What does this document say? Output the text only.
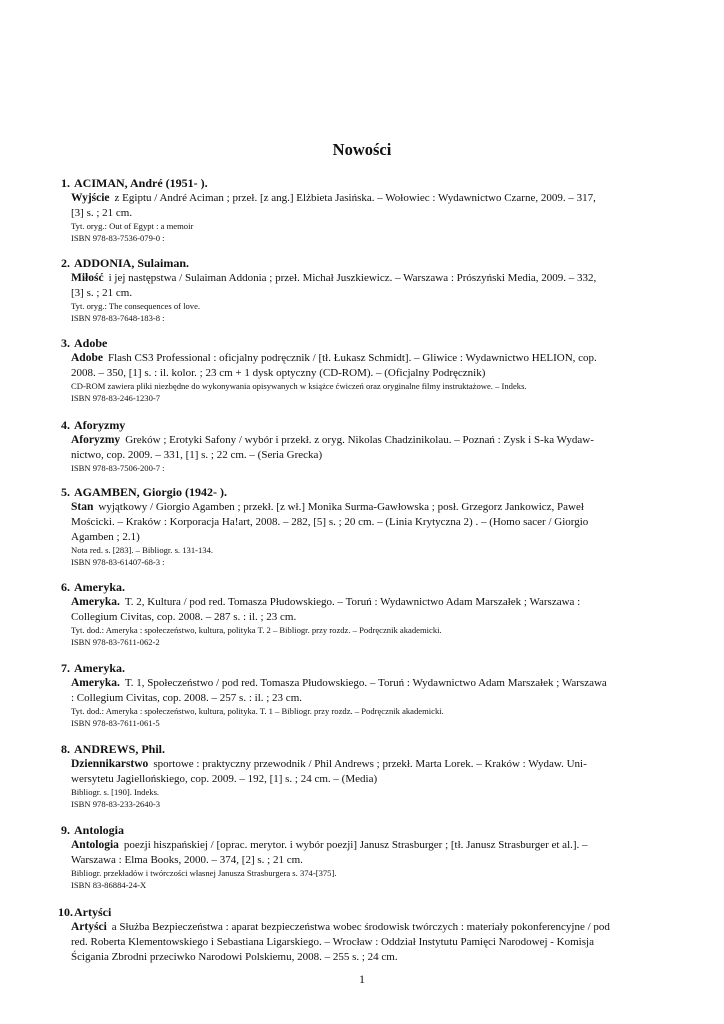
Nowości
1. ACIMAN, André (1951- ).
Wyjście z Egiptu / André Aciman ; przeł. [z ang.] Elżbieta Jasińska. – Wołowiec : Wydawnictwo Czarne, 2009. – 317,
[3] s. ; 21 cm.
Tyt. oryg.: Out of Egypt : a memoir
ISBN 978-83-7536-079-0 :
2. ADDONIA, Sulaiman.
Miłość i jej następstwa / Sulaiman Addonia ; przeł. Michał Juszkiewicz. – Warszawa : Prószyński Media, 2009. – 332,
[3] s. ; 21 cm.
Tyt. oryg.: The consequences of love.
ISBN 978-83-7648-183-8 :
3. Adobe
Adobe Flash CS3 Professional : oficjalny podręcznik / [tł. Łukasz Schmidt]. – Gliwice : Wydawnictwo HELION, cop.
2008. – 350, [1] s. : il. kolor. ; 23 cm + 1 dysk optyczny (CD-ROM). – (Oficjalny Podręcznik)
CD-ROM zawiera pliki niezbędne do wykonywania opisywanych w książce ćwiczeń oraz oryginalne filmy instruktażowe. – Indeks.
ISBN 978-83-246-1230-7
4. Aforyzmy
Aforyzmy Greków ; Erotyki Safony / wybór i przekł. z oryg. Nikolas Chadzinikolau. – Poznań : Zysk i S-ka Wydaw-
nictwo, cop. 2009. – 331, [1] s. ; 22 cm. – (Seria Grecka)
ISBN 978-83-7506-200-7 :
5. AGAMBEN, Giorgio (1942- ).
Stan wyjątkowy / Giorgio Agamben ; przekł. [z wł.] Monika Surma-Gawłowska ; posł. Grzegorz Jankowicz, Paweł
Mościcki. – Kraków : Korporacja Ha!art, 2008. – 282, [5] s. ; 20 cm. – (Linia Krytyczna 2) . – (Homo sacer / Giorgio
Agamben ; 2.1)
Nota red. s. [283]. – Bibliogr. s. 131-134.
ISBN 978-83-61407-68-3 :
6. Ameryka.
Ameryka. T. 2, Kultura / pod red. Tomasza Płudowskiego. – Toruń : Wydawnictwo Adam Marszałek ; Warszawa :
Collegium Civitas, cop. 2008. – 287 s. : il. ; 23 cm.
Tyt. dod.: Ameryka : społeczeństwo, kultura, polityka T. 2 – Bibliogr. przy rozdz. – Podręcznik akademicki.
ISBN 978-83-7611-062-2
7. Ameryka.
Ameryka. T. 1, Społeczeństwo / pod red. Tomasza Płudowskiego. – Toruń : Wydawnictwo Adam Marszałek ; Warszawa
: Collegium Civitas, cop. 2008. – 257 s. : il. ; 23 cm.
Tyt. dod.: Ameryka : społeczeństwo, kultura, polityka. T. 1 – Bibliogr. przy rozdz. – Podręcznik akademicki.
ISBN 978-83-7611-061-5
8. ANDREWS, Phil.
Dziennikarstwo sportowe : praktyczny przewodnik / Phil Andrews ; przekł. Marta Lorek. – Kraków : Wydaw. Uni-
wersytetu Jagiellońskiego, cop. 2009. – 192, [1] s. ; 24 cm. – (Media)
Bibliogr. s. [190]. Indeks.
ISBN 978-83-233-2640-3
9. Antologia
Antologia poezji hiszpańskiej / [oprac. merytor. i wybór poezji] Janusz Strasburger ; [tł. Janusz Strasburger et al.]. –
Warszawa : Elma Books, 2000. – 374, [2] s. ; 21 cm.
Bibliogr. przekładów i twórczości własnej Janusza Strasburgera s. 374-[375].
ISBN 83-86884-24-X
10.Artyści
Artyści a Służba Bezpieczeństwa : aparat bezpieczeństwa wobec środowisk twórczych : materiały pokonferencyjne / pod
red. Roberta Klementowskiego i Sebastiana Ligarskiego. – Wrocław : Oddział Instytutu Pamięci Narodowej - Komisja
Ścigania Zbrodni przeciwko Narodowi Polskiemu, 2008. – 255 s. ; 24 cm.
1
